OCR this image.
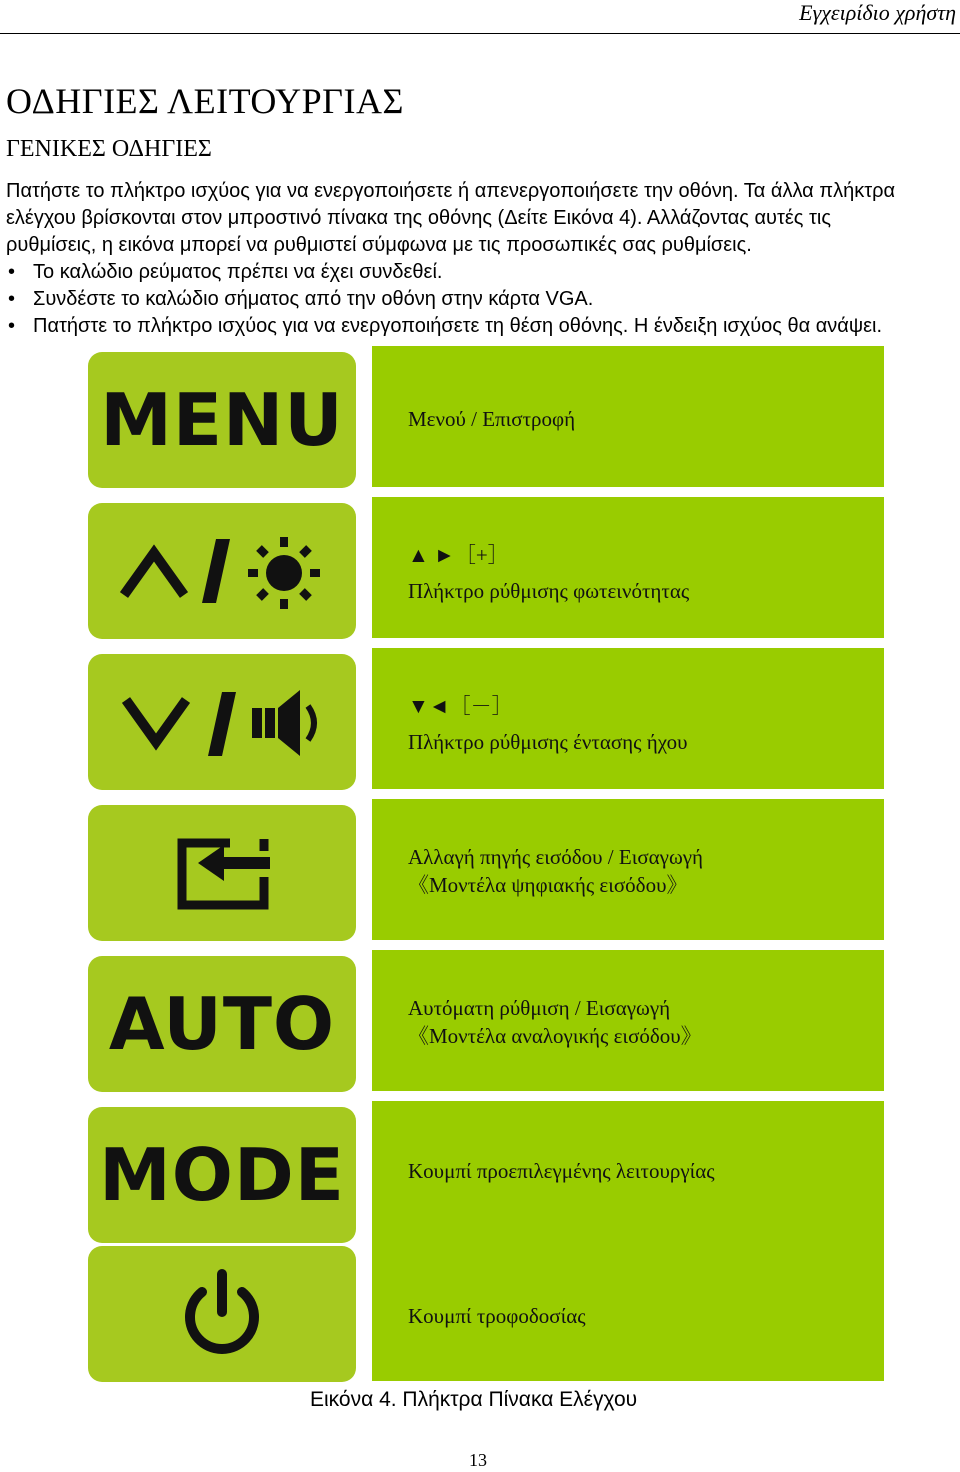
Εγχειρίδιο χρήστη
ΟΔΗΓΙΕΣ ΛΕΙΤΟΥΡΓΙΑΣ
ΓΕΝΙΚΕΣ ΟΔΗΓΙΕΣ
Πατήστε το πλήκτρο ισχύος για να ενεργοποιήσετε ή απενεργοποιήσετε την οθόνη. Τα άλλα πλήκτρα
ελέγχου βρίσκονται στον μπροστινό πίνακα της οθόνης (Δείτε Εικόνα 4). Αλλάζοντας αυτές τις
ρυθμίσεις, η εικόνα μπορεί να ρυθμιστεί σύμφωνα με τις προσωπικές σας ρυθμίσεις.
• Το καλώδιο ρεύματος πρέπει να έχει συνδεθεί.
• Συνδέστε το καλώδιο σήματος από την οθόνη στην κάρτα VGA.
• Πατήστε το πλήκτρο ισχύος για να ενεργοποιήσετε τη θέση οθόνης. Η ένδειξη ισχύος θα ανάψει.
Μενού / Επιστροφή
▲ ►［+］
Πλήκτρο ρύθμισης φωτεινότητας
▼◄［－］
Πλήκτρο ρύθμισης έντασης ήχου
Αλλαγή πηγής εισόδου / Εισαγωγή
《Μοντέλα ψηφιακής εισόδου》
Αυτόματη ρύθμιση / Εισαγωγή
《Μοντέλα αναλογικής εισόδου》
Κουμπί προεπιλεγμένης λειτουργίας
Κουμπί τροφοδοσίας
MENU
AUTO
MODE
Εικόνα 4. Πλήκτρα Πίνακα Ελέγχου
13
